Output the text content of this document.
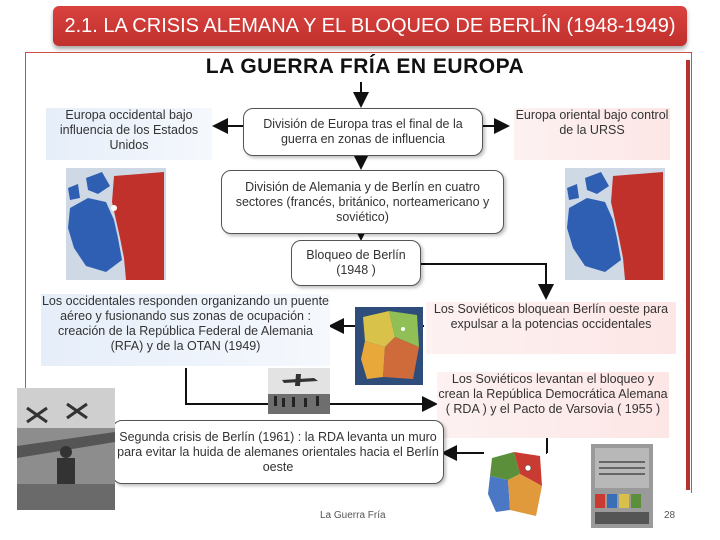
2.1. LA CRISIS ALEMANA Y EL BLOQUEO DE BERLÍN (1948-1949)
LA GUERRA FRÍA EN EUROPA
División de Europa tras el final de la guerra en zonas de influencia
Europa occidental bajo influencia de los Estados Unidos
Europa oriental bajo control de la URSS
División de Alemania y de Berlín en cuatro sectores (francés, británico, norteamericano y soviético)
Bloqueo de Berlín (1948 )
Los occidentales responden organizando un puente aéreo y fusionando sus zonas de ocupación : creación de la República Federal de Alemania (RFA) y de la OTAN (1949)
Los Soviéticos bloquean Berlín oeste para expulsar a la potencias occidentales
Los Soviéticos levantan el bloqueo y crean la República Democrática Alemana ( RDA ) y el Pacto de Varsovia ( 1955 )
Segunda crisis de Berlín (1961) : la RDA levanta un muro para evitar la huida de alemanes orientales hacia el Berlín oeste
La Guerra Fría	28
